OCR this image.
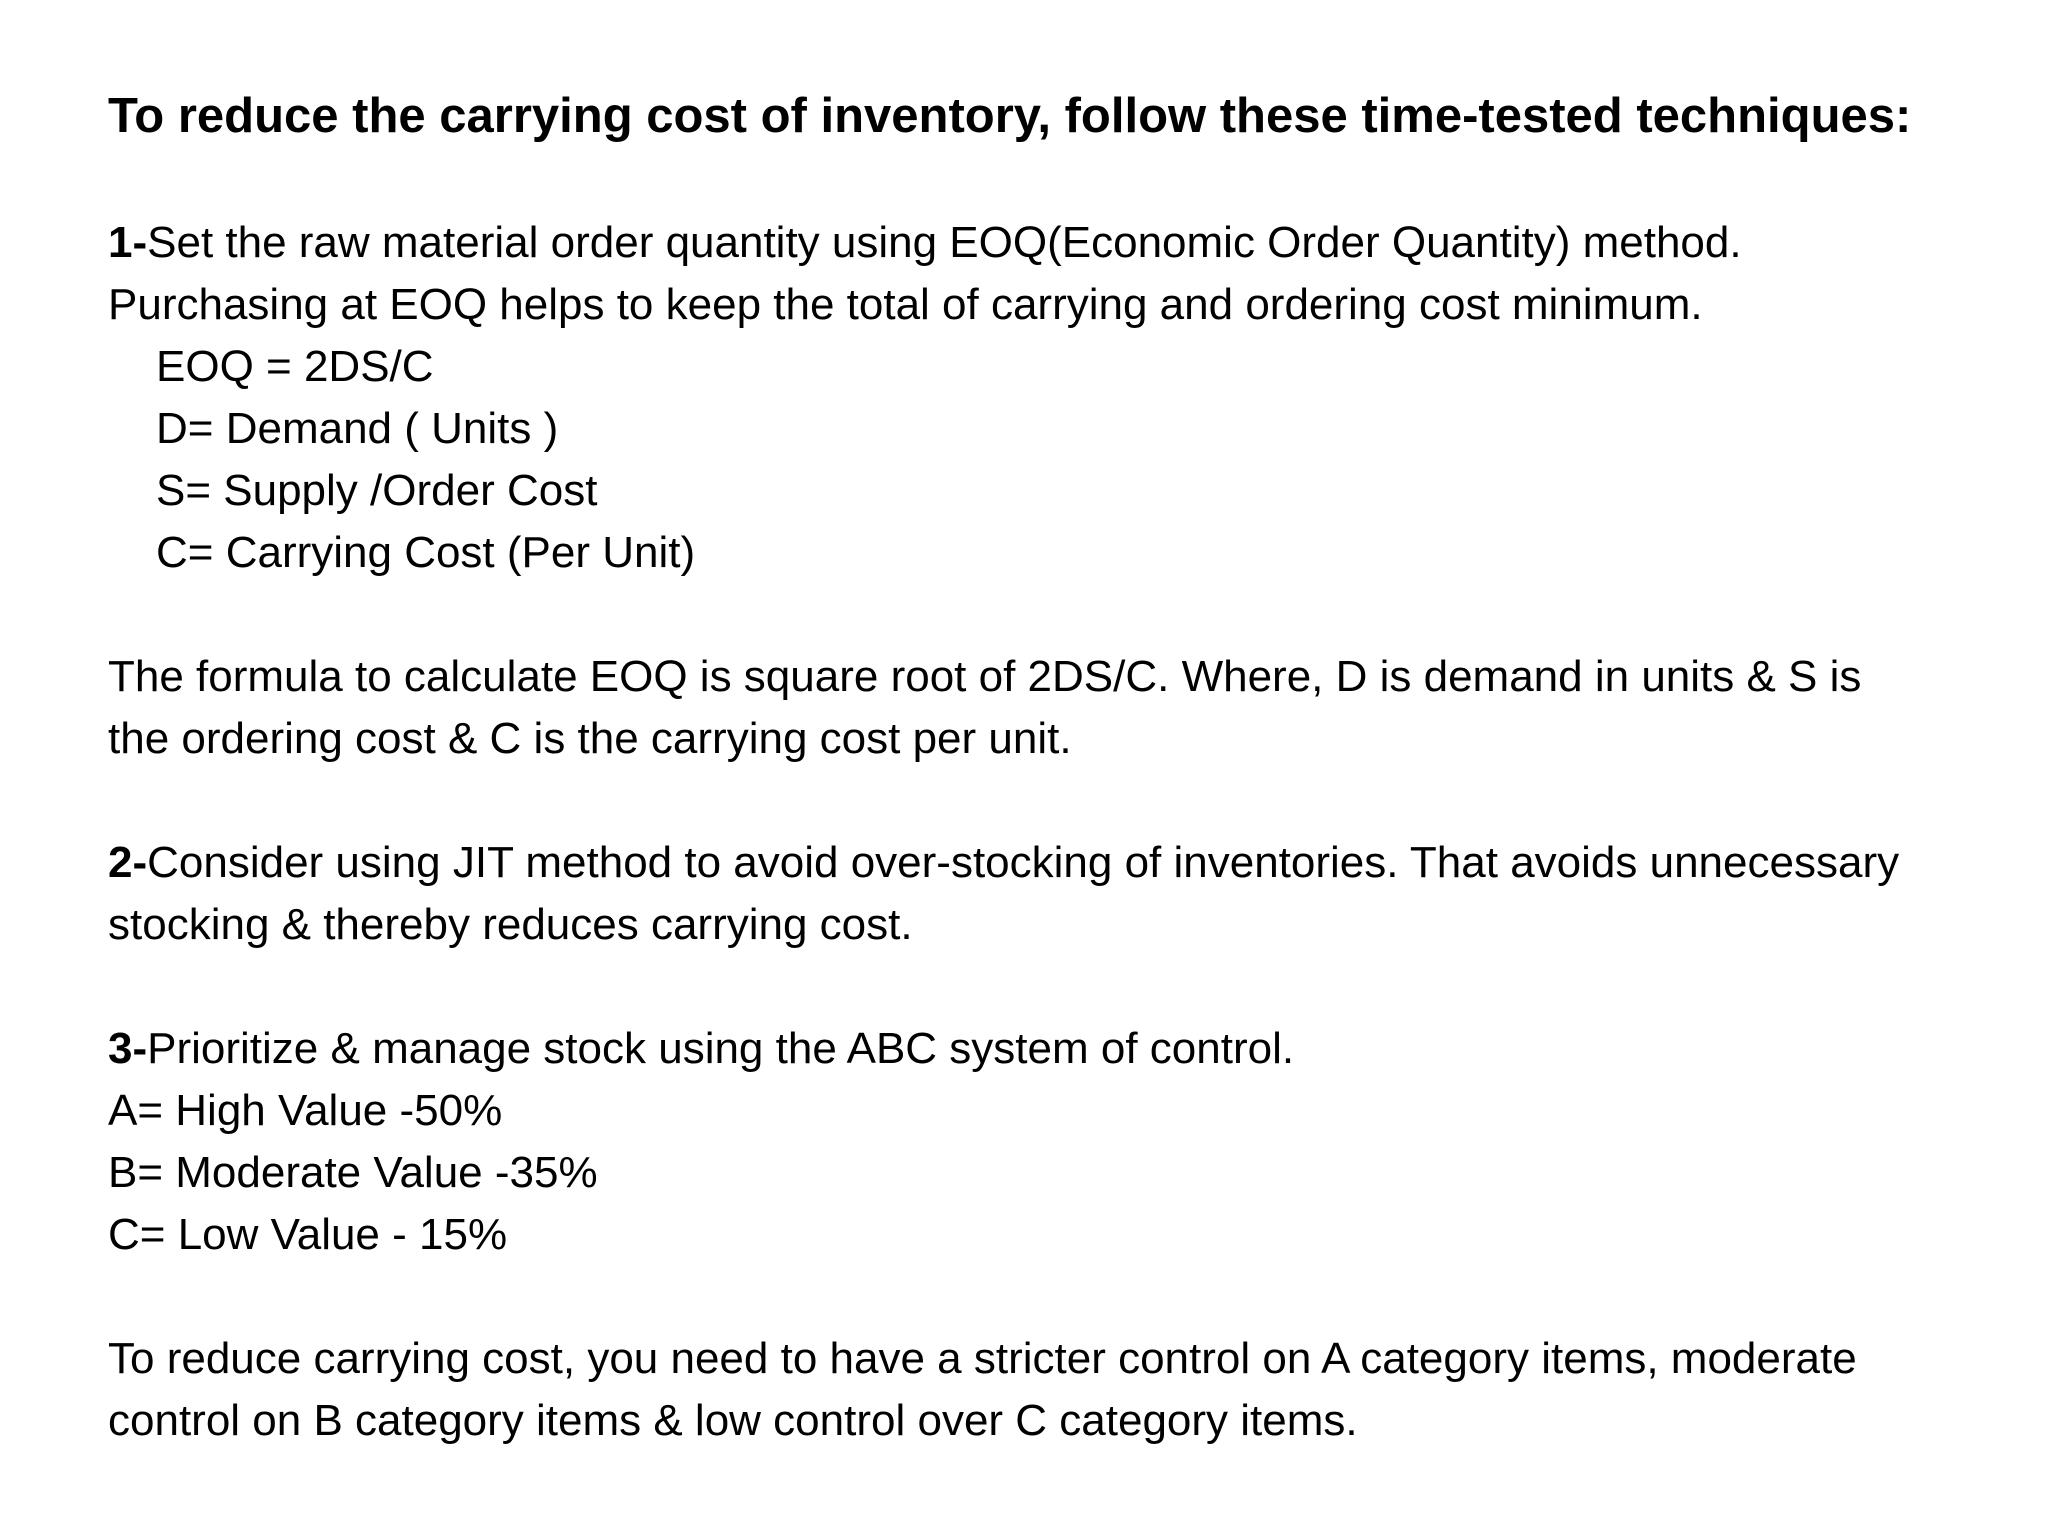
To reduce the carrying cost of inventory, follow these time-tested techniques:
1-Set the raw material order quantity using EOQ(Economic Order Quantity) method.
Purchasing at EOQ helps to keep the total of carrying and ordering cost minimum.
EOQ = 2DS/C
D= Demand ( Units )
S= Supply /Order Cost
C= Carrying Cost (Per Unit)
The formula to calculate EOQ is square root of 2DS/C. Where, D is demand in units & S is
the ordering cost & C is the carrying cost per unit.
2-Consider using JIT method to avoid over-stocking of inventories. That avoids unnecessary
stocking & thereby reduces carrying cost.
3-Prioritize & manage stock using the ABC system of control.
A= High Value -50%
B= Moderate Value -35%
C= Low Value - 15%
To reduce carrying cost, you need to have a stricter control on A category items, moderate
control on B category items & low control over C category items.
